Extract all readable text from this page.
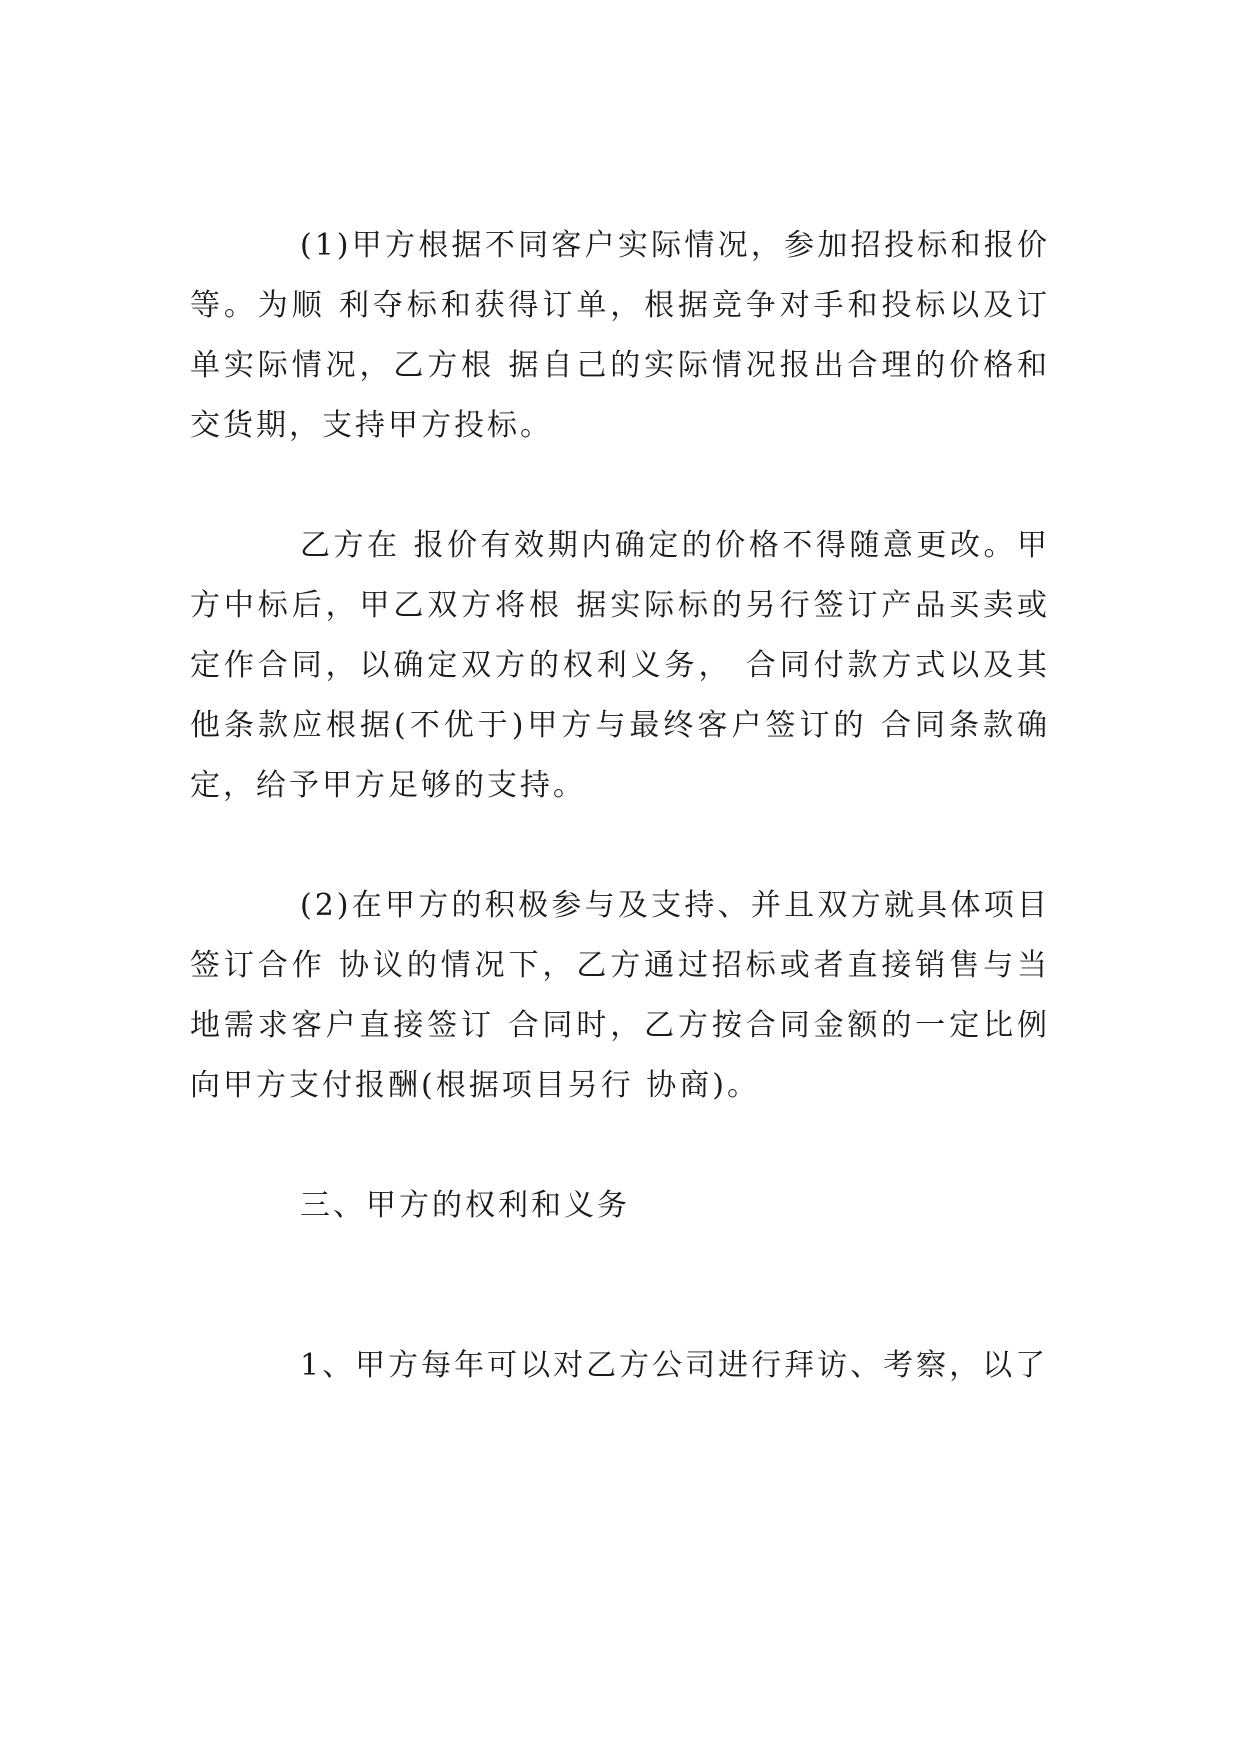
(1)甲方根据不同客户实际情况，参加招投标和报价等。为顺 利夺标和获得订单，根据竞争对手和投标以及订单实际情况，乙方根 据自己的实际情况报出合理的价格和交货期，支持甲方投标。

乙方在 报价有效期内确定的价格不得随意更改。甲方中标后，甲乙双方将根 据实际标的另行签订产品买卖或定作合同，以确定双方的权利义务， 合同付款方式以及其他条款应根据(不优于)甲方与最终客户签订的 合同条款确定，给予甲方足够的支持。

(2)在甲方的积极参与及支持、并且双方就具体项目签订合作 协议的情况下，乙方通过招标或者直接销售与当地需求客户直接签订 合同时，乙方按合同金额的一定比例向甲方支付报酬(根据项目另行 协商)。

三、甲方的权利和义务

1、甲方每年可以对乙方公司进行拜访、考察，以了
